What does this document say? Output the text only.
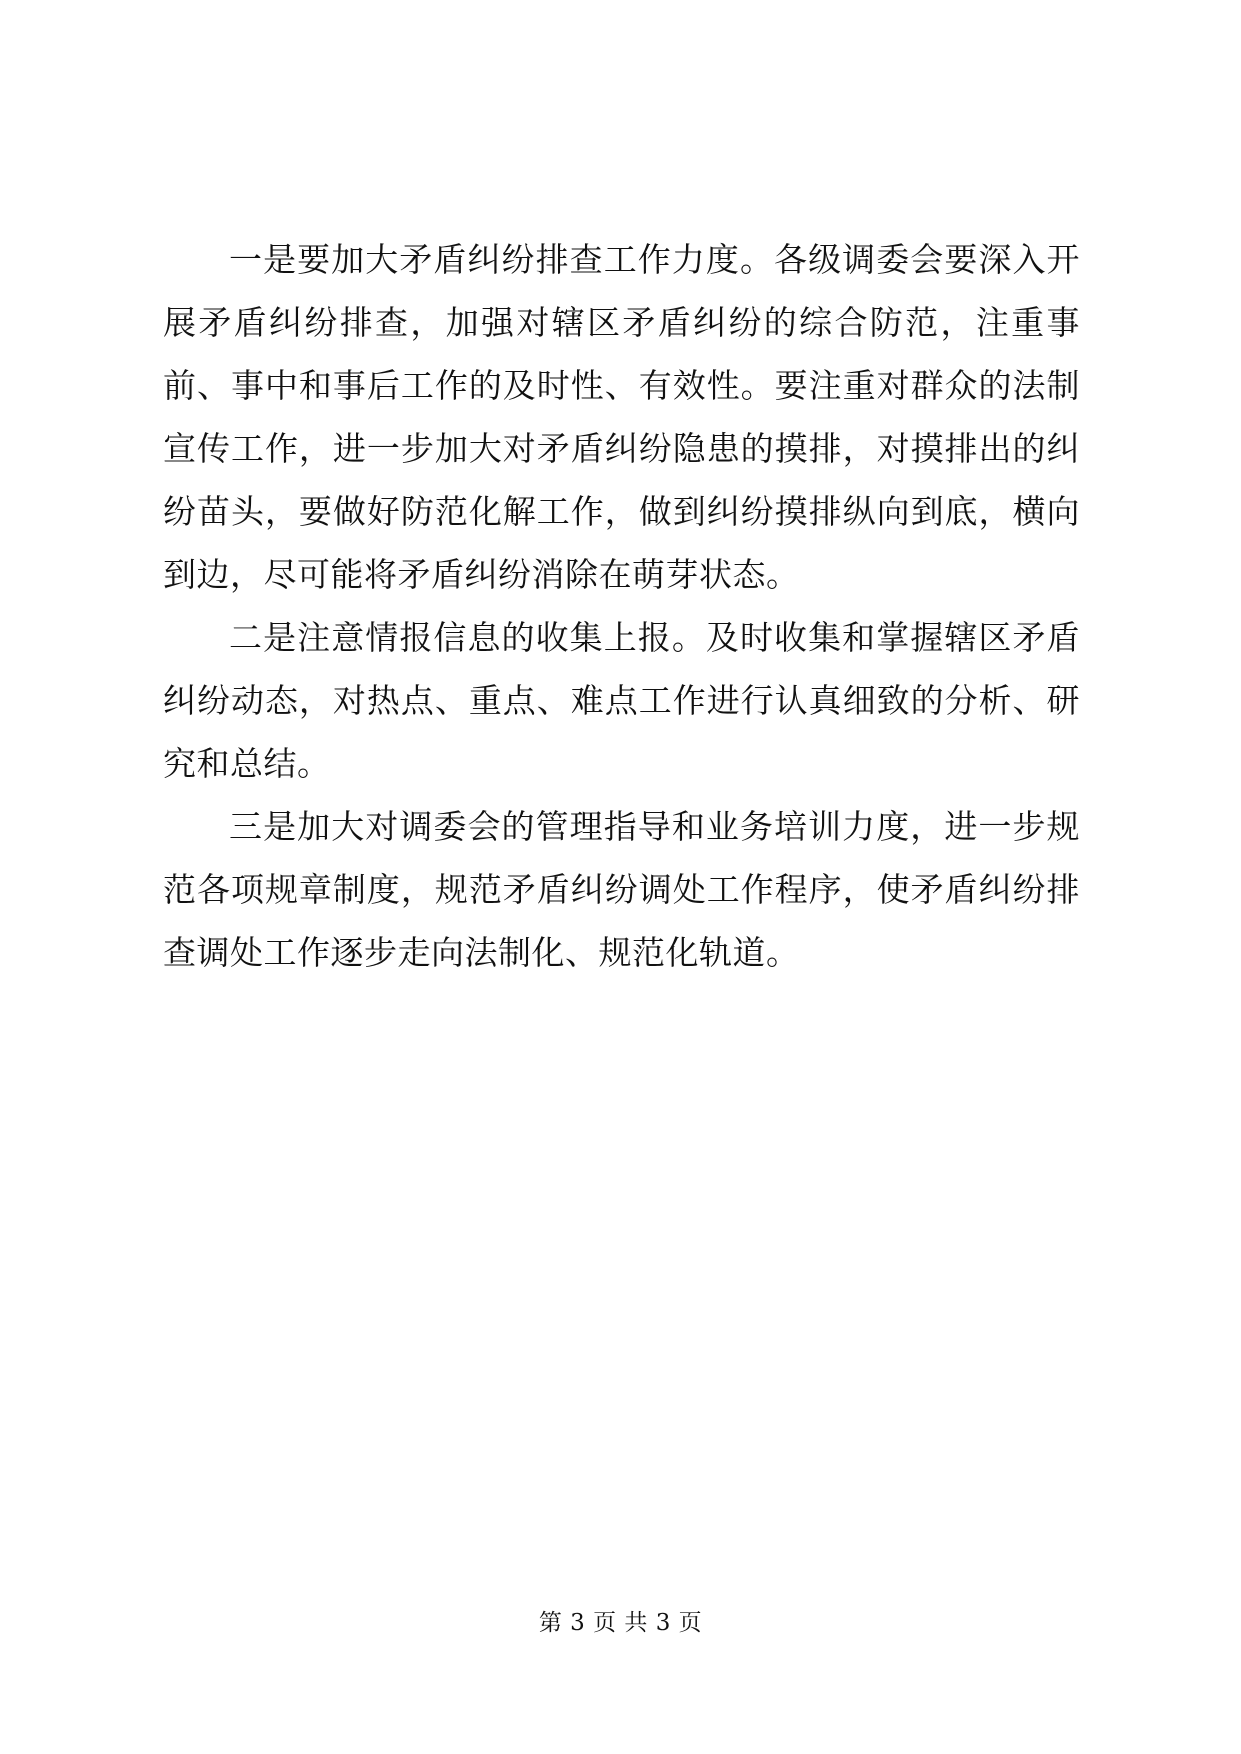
一是要加大矛盾纠纷排查工作力度。各级调委会要深入开展矛盾纠纷排查，加强对辖区矛盾纠纷的综合防范，注重事前、事中和事后工作的及时性、有效性。要注重对群众的法制宣传工作，进一步加大对矛盾纠纷隐患的摸排，对摸排出的纠纷苗头，要做好防范化解工作，做到纠纷摸排纵向到底，横向到边，尽可能将矛盾纠纷消除在萌芽状态。

二是注意情报信息的收集上报。及时收集和掌握辖区矛盾纠纷动态，对热点、重点、难点工作进行认真细致的分析、研究和总结。

三是加大对调委会的管理指导和业务培训力度，进一步规范各项规章制度，规范矛盾纠纷调处工作程序，使矛盾纠纷排查调处工作逐步走向法制化、规范化轨道。

第 3 页 共 3 页
